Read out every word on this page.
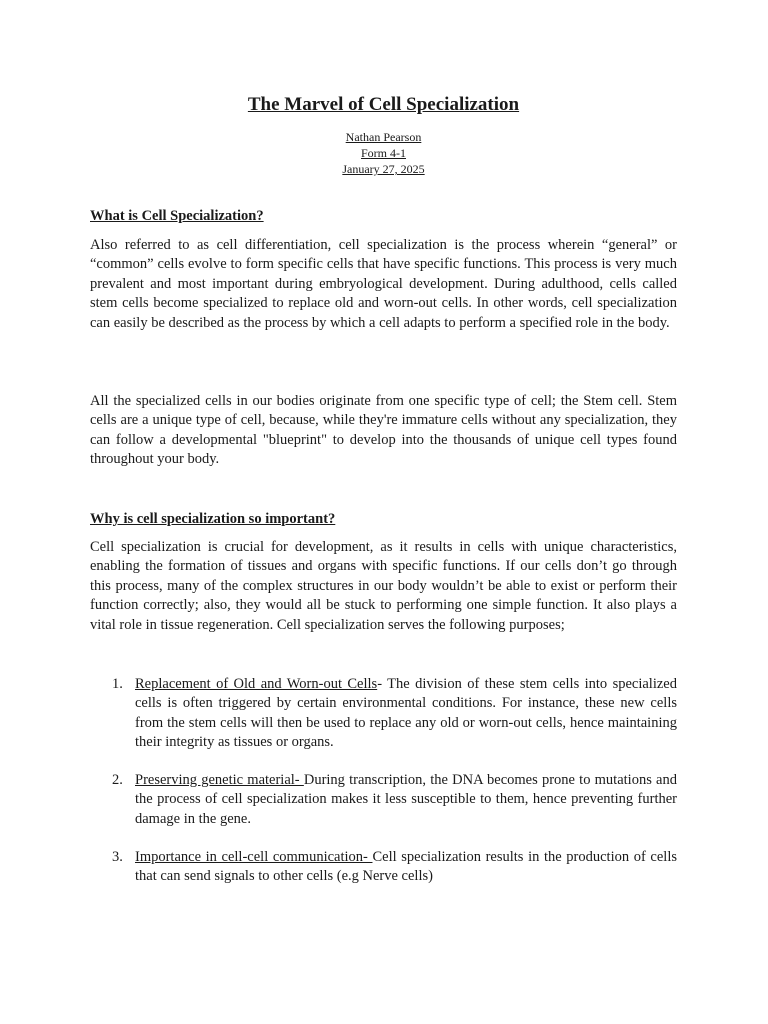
The Marvel of Cell Specialization
Nathan Pearson
Form 4-1
January 27, 2025
What is Cell Specialization?

Also referred to as cell differentiation, cell specialization is the process wherein “general” or “common” cells evolve to form specific cells that have specific functions. This process is very much prevalent and most important during embryological development. During adulthood, cells called stem cells become specialized to replace old and worn-out cells. In other words, cell specialization can easily be described as the process by which a cell adapts to perform a specified role in the body.

All the specialized cells in our bodies originate from one specific type of cell; the Stem cell. Stem cells are a unique type of cell, because, while they're immature cells without any specialization, they can follow a developmental "blueprint" to develop into the thousands of unique cell types found throughout your body.

Why is cell specialization so important?

Cell specialization is crucial for development, as it results in cells with unique characteristics, enabling the formation of tissues and organs with specific functions. If our cells don’t go through this process, many of the complex structures in our body wouldn’t be able to exist or perform their function correctly; also, they would all be stuck to performing one simple function. It also plays a vital role in tissue regeneration. Cell specialization serves the following purposes;

1. Replacement of Old and Worn-out Cells- The division of these stem cells into specialized cells is often triggered by certain environmental conditions. For instance, these new cells from the stem cells will then be used to replace any old or worn-out cells, hence maintaining their integrity as tissues or organs.
2. Preserving genetic material- During transcription, the DNA becomes prone to mutations and the process of cell specialization makes it less susceptible to them, hence preventing further damage in the gene.
3. Importance in cell-cell communication- Cell specialization results in the production of cells that can send signals to other cells (e.g Nerve cells)
